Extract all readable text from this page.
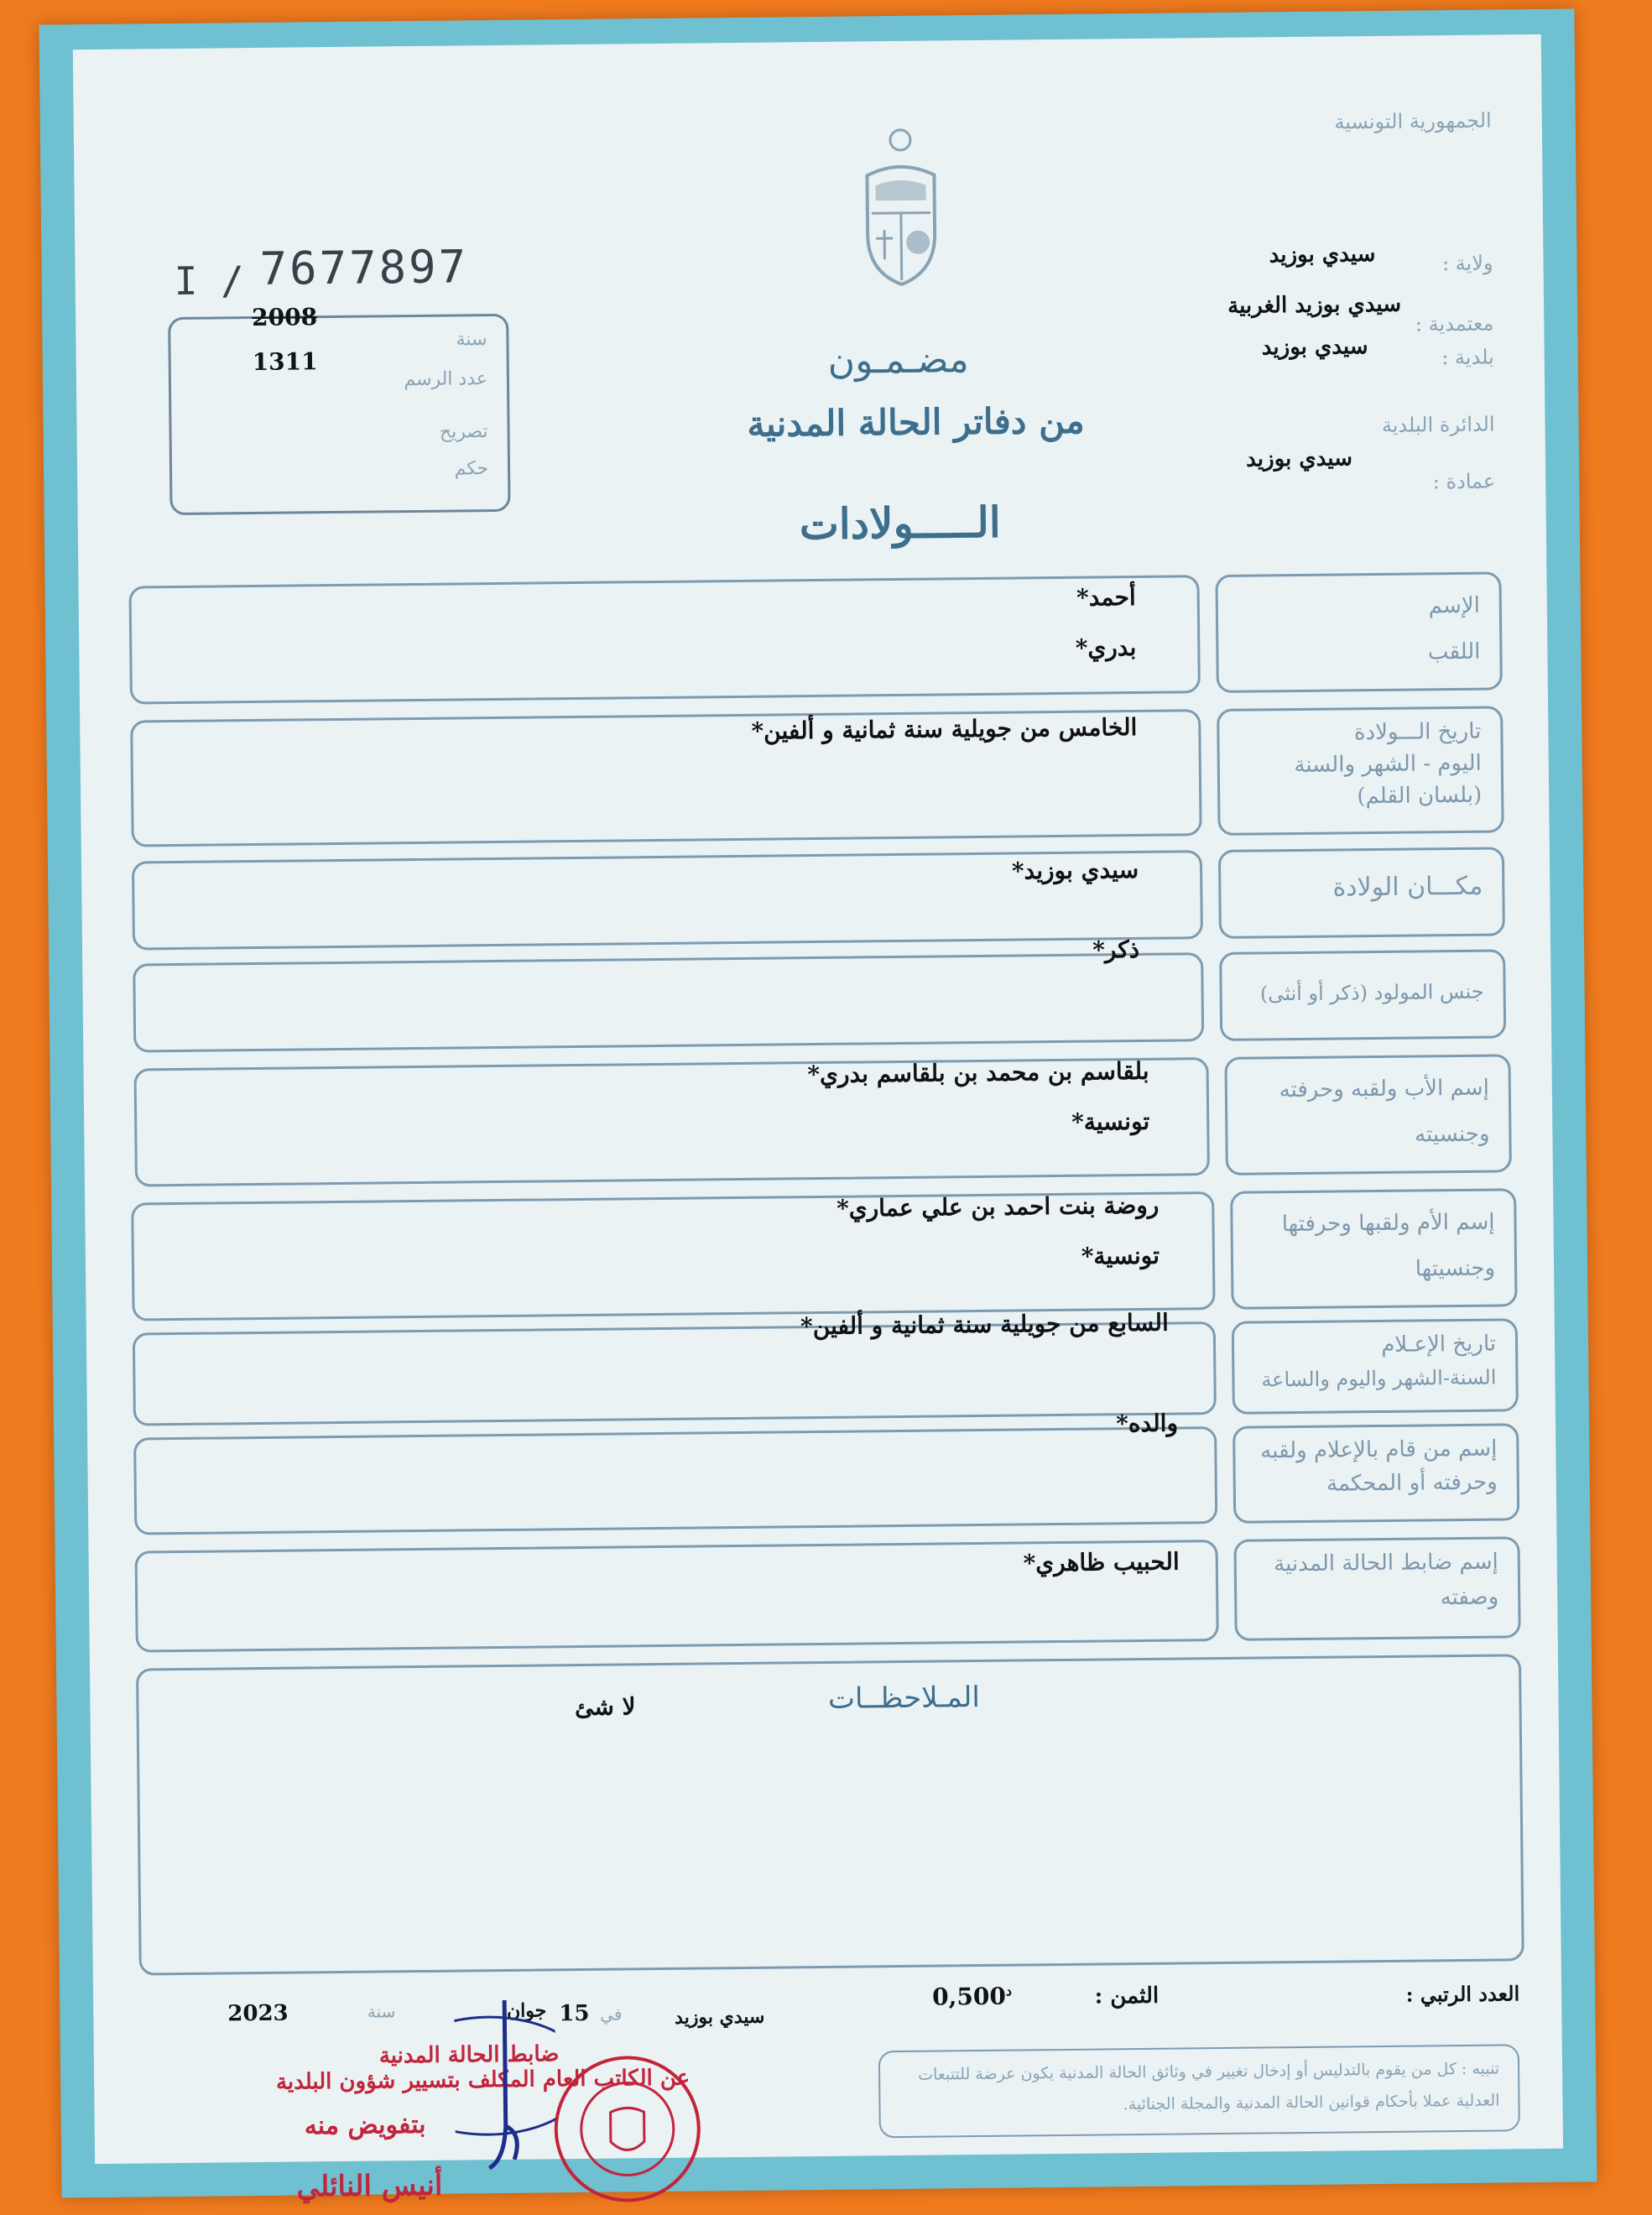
الجمهورية التونسية
I / 7677897
2008
سنة
1311
عدد الرسم
تصريح
حكم
ولاية :
سيدي بوزيد
معتمدية :
سيدي بوزيد الغربية
بلدية :
سيدي بوزيد
الدائرة البلدية
سيدي بوزيد
عمادة :
مضـمـون
من دفاتر الحالة المدنية
الـــــولادات
الإسم
اللقب
أحمد*
بدري*
تاريخ الـــولادة
اليوم - الشهر والسنة
(بلسان القلم)
الخامس من جويلية سنة ثمانية و ألفين*
مكـــان الولادة
سيدي بوزيد*
جنس المولود (ذكر أو أنثى)
ذكر*
إسم الأب ولقبه وحرفته
وجنسيته
بلقاسم بن محمد بن بلقاسم بدري*
تونسية*
إسم الأم ولقبها وحرفتها
وجنسيتها
روضة بنت احمد بن علي عماري*
تونسية*
تاريخ الإعـلام
السنة-الشهر واليوم والساعة
السابع من جويلية سنة ثمانية و ألفين*
إسم من قام بالإعلام ولقبه
وحرفته أو المحكمة
والده*
إسم ضابط الحالة المدنية
وصفته
الحبيب ظاهري*
المـلاحظــات
لا شئ
العدد الرتبي :
الثمن :
$0,500^د$
سيدي بوزيد
في
15
جوان
سنة
2023
تنبيه : كل من يقوم بالتدليس أو إدخال تغيير في وثائق الحالة المدنية يكون عرضة للتتبعات العدلية عملا بأحكام قوانين الحالة المدنية والمجلة الجنائية.
ضابط الحالة المدنية
عن الكاتب العام المكلف بتسيير شؤون البلدية
بتفويض منه
أنيس النائلي
